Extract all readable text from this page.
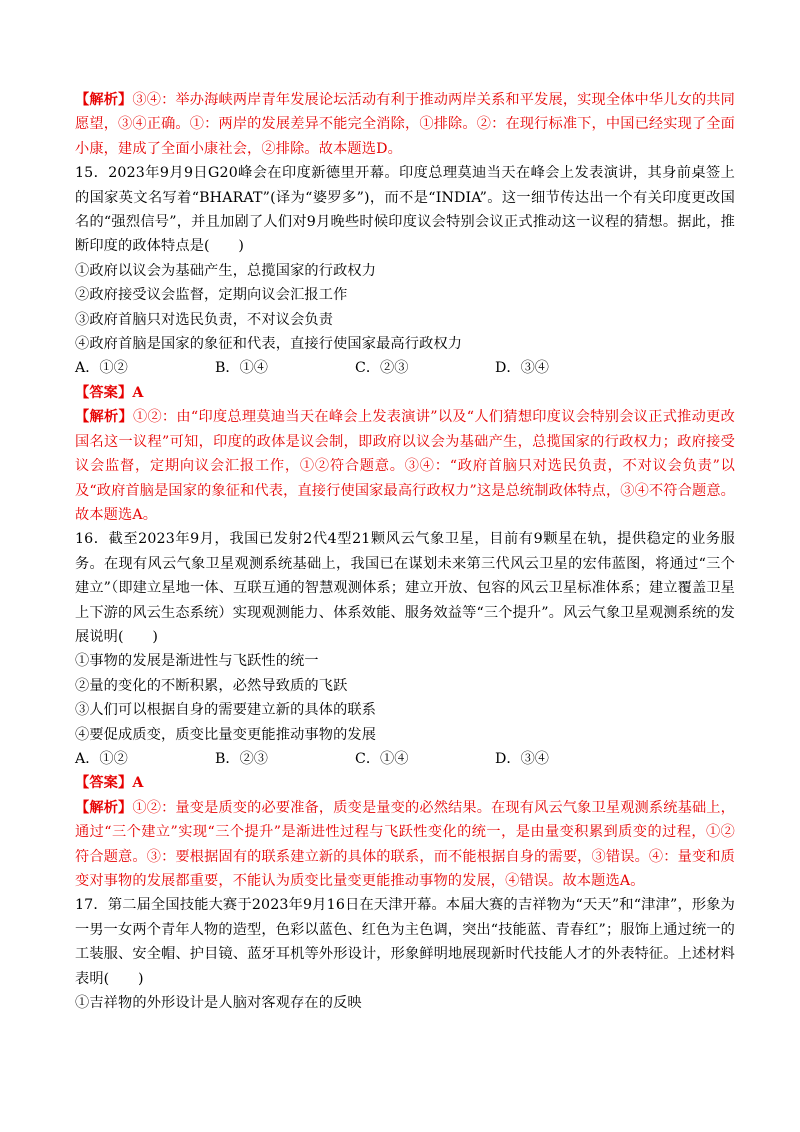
【解析】③④：举办海峡两岸青年发展论坛活动有利于推动两岸关系和平发展，实现全体中华儿女的共同愿望，③④正确。①：两岸的发展差异不能完全消除，①排除。②：在现行标准下，中国已经实现了全面小康，建成了全面小康社会，②排除。故本题选D。

15．2023年9月9日G20峰会在印度新德里开幕。印度总理莫迪当天在峰会上发表演讲，其身前桌签上的国家英文名写着“BHARAT”(译为“婆罗多”)，而不是“INDIA”。这一细节传达出一个有关印度更改国名的“强烈信号”，并且加剧了人们对9月晚些时候印度议会特别会议正式推动这一议程的猜想。据此，推断印度的政体特点是(　　)

①政府以议会为基础产生，总揽国家的行政权力

②政府接受议会监督，定期向议会汇报工作

③政府首脑只对选民负责，不对议会负责

④政府首脑是国家的象征和代表，直接行使国家最高行政权力

A．①②	B．①④	C．②③	D．③④

【答案】A

【解析】①②：由“印度总理莫迪当天在峰会上发表演讲”以及“人们猜想印度议会特别会议正式推动更改国名这一议程”可知，印度的政体是议会制，即政府以议会为基础产生，总揽国家的行政权力；政府接受议会监督，定期向议会汇报工作，①②符合题意。③④：“政府首脑只对选民负责，不对议会负责”以及“政府首脑是国家的象征和代表，直接行使国家最高行政权力”这是总统制政体特点，③④不符合题意。故本题选A。

16．截至2023年9月，我国已发射2代4型21颗风云气象卫星，目前有9颗星在轨，提供稳定的业务服务。在现有风云气象卫星观测系统基础上，我国已在谋划未来第三代风云卫星的宏伟蓝图，将通过“三个建立”（即建立星地一体、互联互通的智慧观测体系；建立开放、包容的风云卫星标准体系；建立覆盖卫星上下游的风云生态系统）实现观测能力、体系效能、服务效益等“三个提升”。风云气象卫星观测系统的发展说明(　　)

①事物的发展是渐进性与飞跃性的统一

②量的变化的不断积累，必然导致质的飞跃

③人们可以根据自身的需要建立新的具体的联系

④要促成质变，质变比量变更能推动事物的发展

A．①②	B．②③	C．①④	D．③④

【答案】A

【解析】①②：量变是质变的必要准备，质变是量变的必然结果。在现有风云气象卫星观测系统基础上，通过“三个建立”实现“三个提升”是渐进性过程与飞跃性变化的统一，是由量变积累到质变的过程，①②符合题意。③：要根据固有的联系建立新的具体的联系，而不能根据自身的需要，③错误。④：量变和质变对事物的发展都重要，不能认为质变比量变更能推动事物的发展，④错误。故本题选A。

17．第二届全国技能大赛于2023年9月16日在天津开幕。本届大赛的吉祥物为“天天”和“津津”，形象为一男一女两个青年人物的造型，色彩以蓝色、红色为主色调，突出“技能蓝、青春红”；服饰上通过统一的工装服、安全帽、护目镜、蓝牙耳机等外形设计，形象鲜明地展现新时代技能人才的外表特征。上述材料表明(　　)

①吉祥物的外形设计是人脑对客观存在的反映
